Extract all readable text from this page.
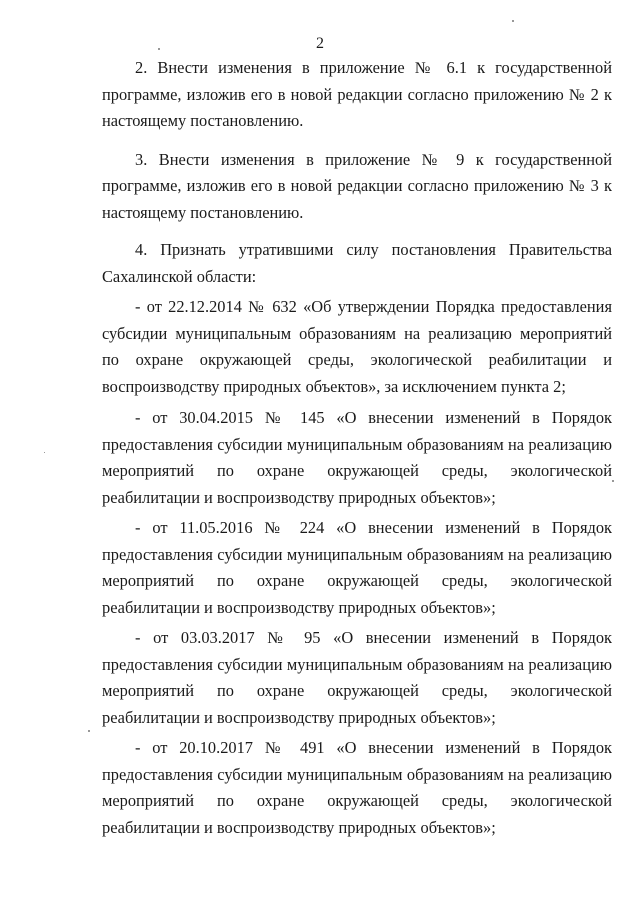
2

2. Внести изменения в приложение № 6.1 к государственной программе, изложив его в новой редакции согласно приложению № 2 к настоящему постановлению.

3. Внести изменения в приложение № 9 к государственной программе, изложив его в новой редакции согласно приложению № 3 к настоящему постановлению.

4. Признать утратившими силу постановления Правительства Сахалинской области:

- от 22.12.2014 № 632 «Об утверждении Порядка предоставления субсидии муниципальным образованиям на реализацию мероприятий по охране окружающей среды, экологической реабилитации и воспроизводству природных объектов», за исключением пункта 2;

- от 30.04.2015 № 145 «О внесении изменений в Порядок предоставления субсидии муниципальным образованиям на реализацию мероприятий по охране окружающей среды, экологической реабилитации и воспроизводству природных объектов»;

- от 11.05.2016 № 224 «О внесении изменений в Порядок предоставления субсидии муниципальным образованиям на реализацию мероприятий по охране окружающей среды, экологической реабилитации и воспроизводству природных объектов»;

- от 03.03.2017 № 95 «О внесении изменений в Порядок предоставления субсидии муниципальным образованиям на реализацию мероприятий по охране окружающей среды, экологической реабилитации и воспроизводству природных объектов»;

- от 20.10.2017 № 491 «О внесении изменений в Порядок предоставления субсидии муниципальным образованиям на реализацию мероприятий по охране окружающей среды, экологической реабилитации и воспроизводству природных объектов»;
